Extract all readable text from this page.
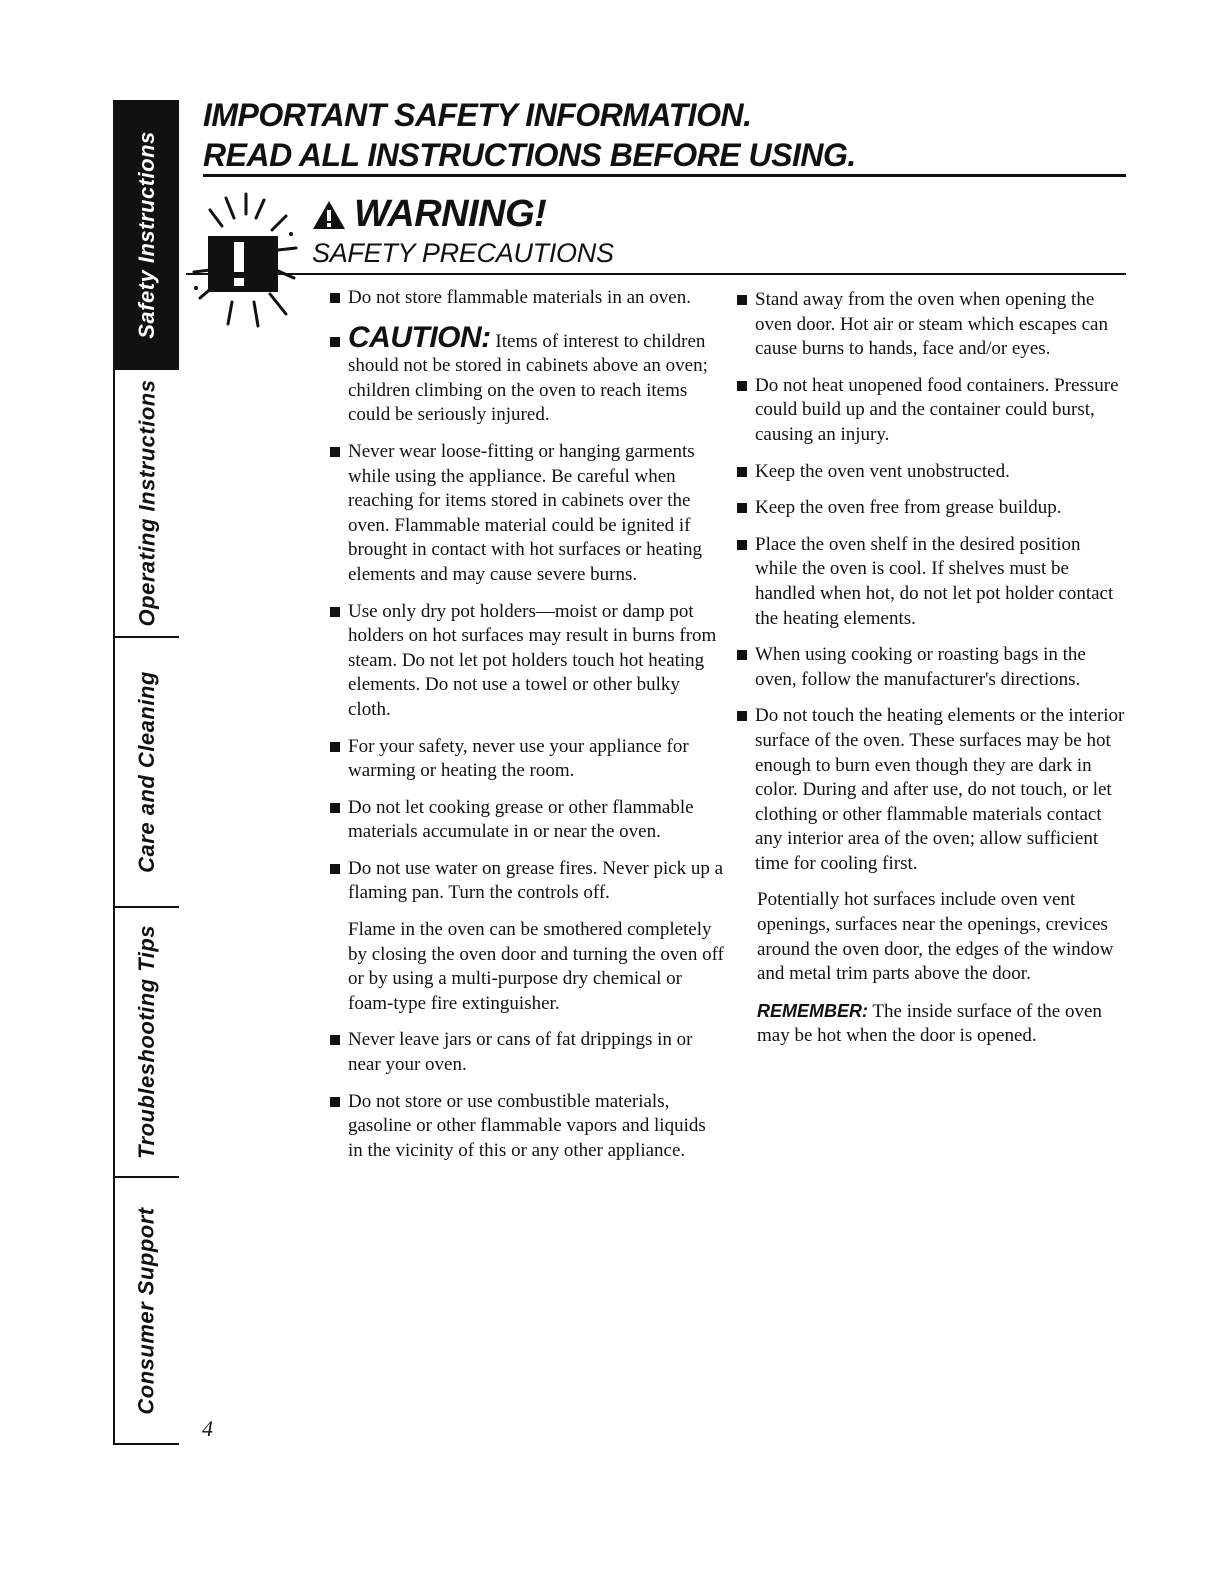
Safety Instructions
Operating Instructions
Care and Cleaning
Troubleshooting Tips
Consumer Support
IMPORTANT SAFETY INFORMATION.
READ ALL INSTRUCTIONS BEFORE USING.
WARNING!
SAFETY PRECAUTIONS
Do not store flammable materials in an oven.
CAUTION: Items of interest to children should not be stored in cabinets above an oven; children climbing on the oven to reach items could be seriously injured.
Never wear loose-fitting or hanging garments while using the appliance. Be careful when reaching for items stored in cabinets over the oven. Flammable material could be ignited if brought in contact with hot surfaces or heating elements and may cause severe burns.
Use only dry pot holders—moist or damp pot holders on hot surfaces may result in burns from steam. Do not let pot holders touch hot heating elements. Do not use a towel or other bulky cloth.
For your safety, never use your appliance for warming or heating the room.
Do not let cooking grease or other flammable materials accumulate in or near the oven.
Do not use water on grease fires. Never pick up a flaming pan. Turn the controls off.
Flame in the oven can be smothered completely by closing the oven door and turning the oven off or by using a multi-purpose dry chemical or foam-type fire extinguisher.
Never leave jars or cans of fat drippings in or near your oven.
Do not store or use combustible materials, gasoline or other flammable vapors and liquids in the vicinity of this or any other appliance.
Stand away from the oven when opening the oven door. Hot air or steam which escapes can cause burns to hands, face and/or eyes.
Do not heat unopened food containers. Pressure could build up and the container could burst, causing an injury.
Keep the oven vent unobstructed.
Keep the oven free from grease buildup.
Place the oven shelf in the desired position while the oven is cool. If shelves must be handled when hot, do not let pot holder contact the heating elements.
When using cooking or roasting bags in the oven, follow the manufacturer's directions.
Do not touch the heating elements or the interior surface of the oven. These surfaces may be hot enough to burn even though they are dark in color. During and after use, do not touch, or let clothing or other flammable materials contact any interior area of the oven; allow sufficient time for cooling first.
Potentially hot surfaces include oven vent openings, surfaces near the openings, crevices around the oven door, the edges of the window and metal trim parts above the door.
REMEMBER: The inside surface of the oven may be hot when the door is opened.
4
